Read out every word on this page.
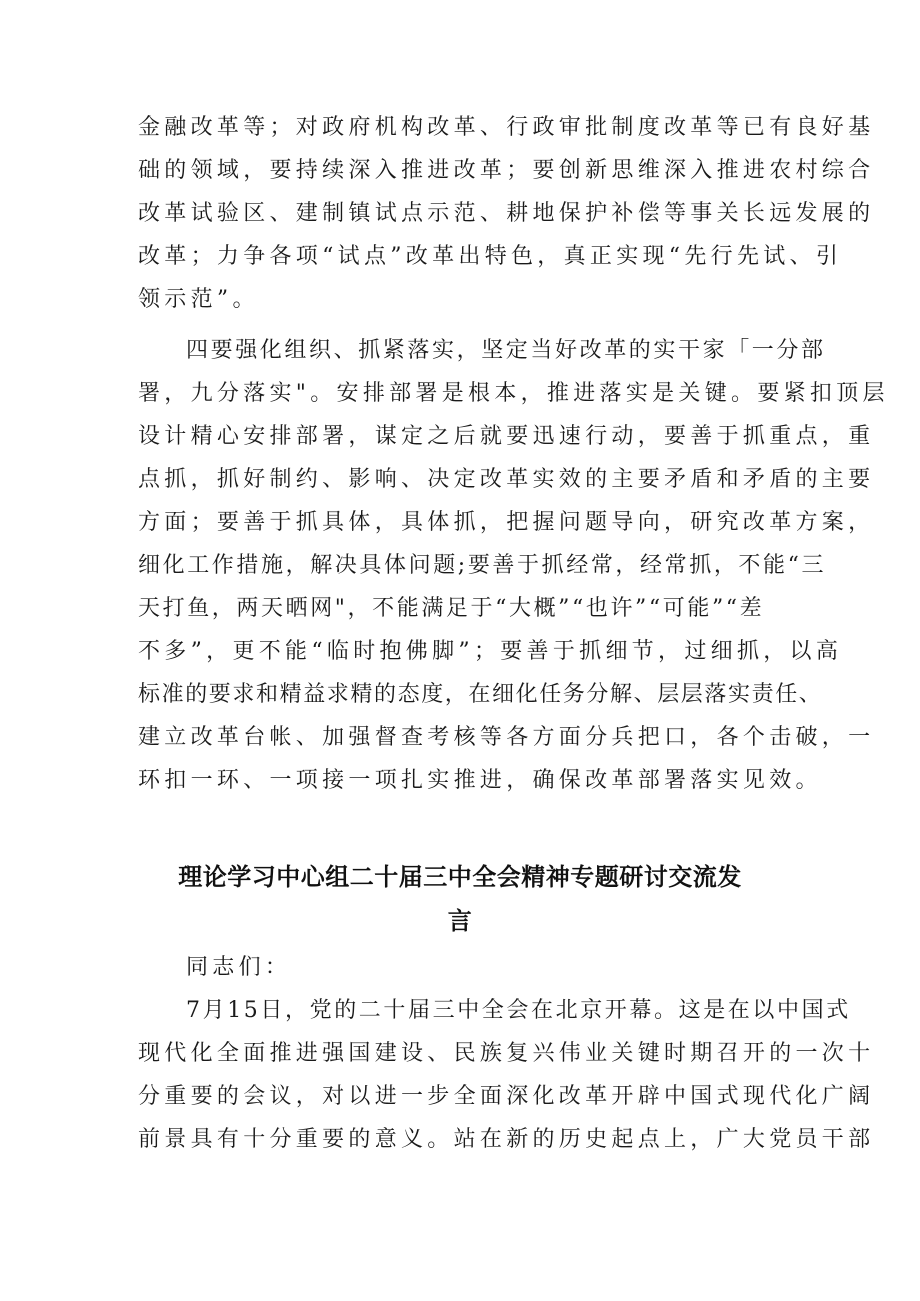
金融改革等；对政府机构改革、行政审批制度改革等已有良好基
础的领域，要持续深入推进改革；要创新思维深入推进农村综合
改革试验区、建制镇试点示范、耕地保护补偿等事关长远发展的
改革；力争各项“试点”改革出特色，真正实现“先行先试、引
领示范”。
四要强化组织、抓紧落实，坚定当好改革的实干家「一分部
署，九分落实"。安排部署是根本，推进落实是关键。要紧扣顶层
设计精心安排部署，谋定之后就要迅速行动，要善于抓重点，重
点抓，抓好制约、影响、决定改革实效的主要矛盾和矛盾的主要
方面；要善于抓具体，具体抓，把握问题导向，研究改革方案，
细化工作措施，解决具体问题;要善于抓经常，经常抓，不能“三
天打鱼，两天晒网"，不能满足于“大概”“也许”“可能”“差
不多”，更不能“临时抱佛脚”；要善于抓细节，过细抓，以高
标准的要求和精益求精的态度，在细化任务分解、层层落实责任、
建立改革台帐、加强督查考核等各方面分兵把口，各个击破，一
环扣一环、一项接一项扎实推进，确保改革部署落实见效。
理论学习中心组二十届三中全会精神专题研讨交流发
言
同志们：
7月15日，党的二十届三中全会在北京开幕。这是在以中国式
现代化全面推进强国建设、民族复兴伟业关键时期召开的一次十
分重要的会议，对以进一步全面深化改革开辟中国式现代化广阔
前景具有十分重要的意义。站在新的历史起点上，广大党员干部
